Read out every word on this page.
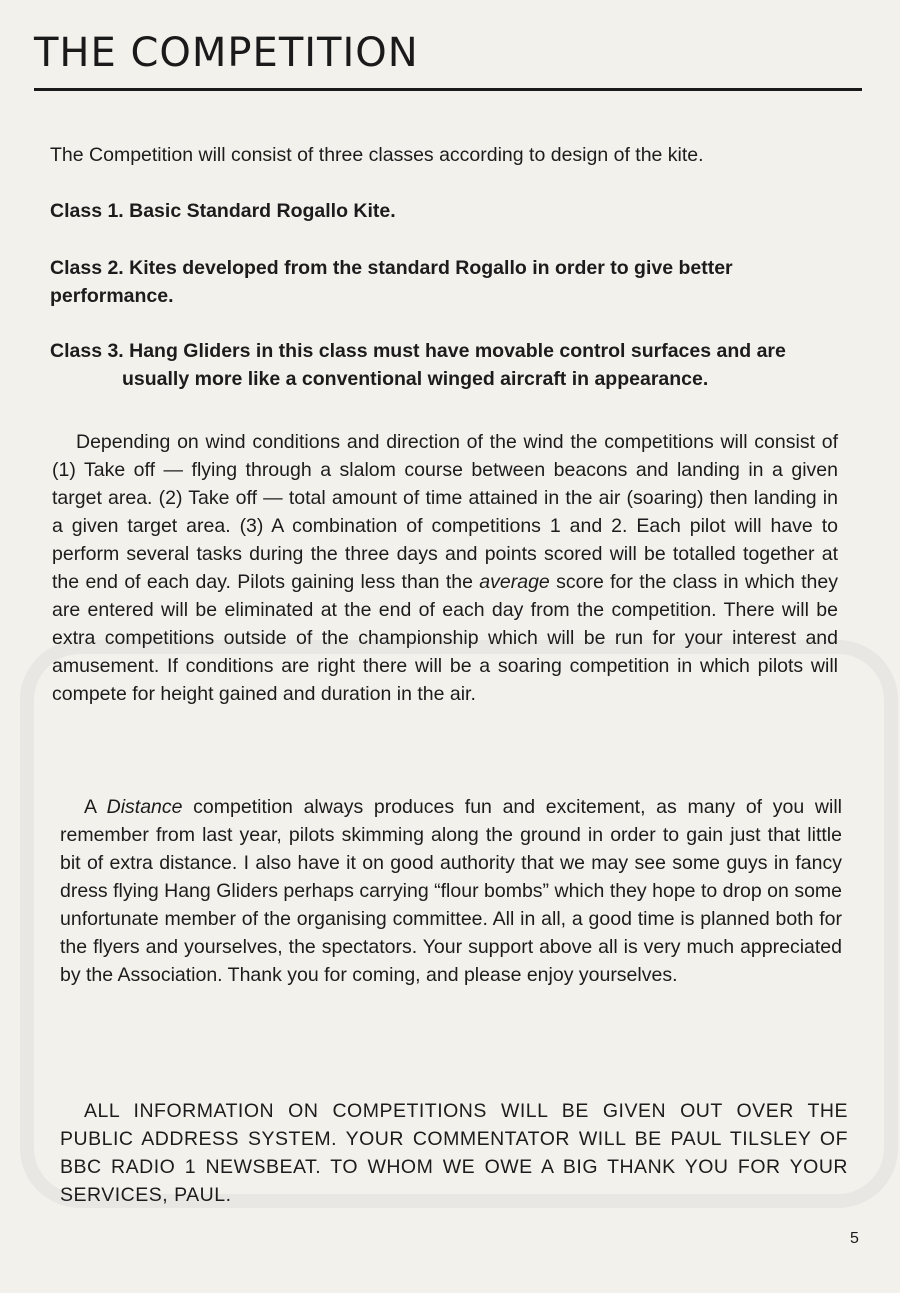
THE COMPETITION

The Competition will consist of three classes according to design of the kite.

Class 1. Basic Standard Rogallo Kite.

Class 2. Kites developed from the standard Rogallo in order to give better performance.

Class 3. Hang Gliders in this class must have movable control surfaces and are
usually more like a conventional winged aircraft in appearance.

Depending on wind conditions and direction of the wind the competitions will consist of (1) Take off — flying through a slalom course between beacons and landing in a given target area. (2) Take off — total amount of time attained in the air (soaring) then landing in a given target area. (3) A combination of competitions 1 and 2. Each pilot will have to perform several tasks during the three days and points scored will be totalled together at the end of each day. Pilots gaining less than the average score for the class in which they are entered will be eliminated at the end of each day from the competition. There will be extra competitions outside of the championship which will be run for your interest and amusement. If conditions are right there will be a soaring competition in which pilots will compete for height gained and duration in the air.

A Distance competition always produces fun and excitement, as many of you will remember from last year, pilots skimming along the ground in order to gain just that little bit of extra distance. I also have it on good authority that we may see some guys in fancy dress flying Hang Gliders perhaps carrying “flour bombs” which they hope to drop on some unfortunate member of the organising committee. All in all, a good time is planned both for the flyers and yourselves, the spectators. Your support above all is very much appreciated by the Association. Thank you for coming, and please enjoy yourselves.

ALL INFORMATION ON COMPETITIONS WILL BE GIVEN OUT OVER THE PUBLIC ADDRESS SYSTEM. YOUR COMMENTATOR WILL BE PAUL TILSLEY OF BBC RADIO 1 NEWSBEAT. TO WHOM WE OWE A BIG THANK YOU FOR YOUR SERVICES, PAUL.

5
